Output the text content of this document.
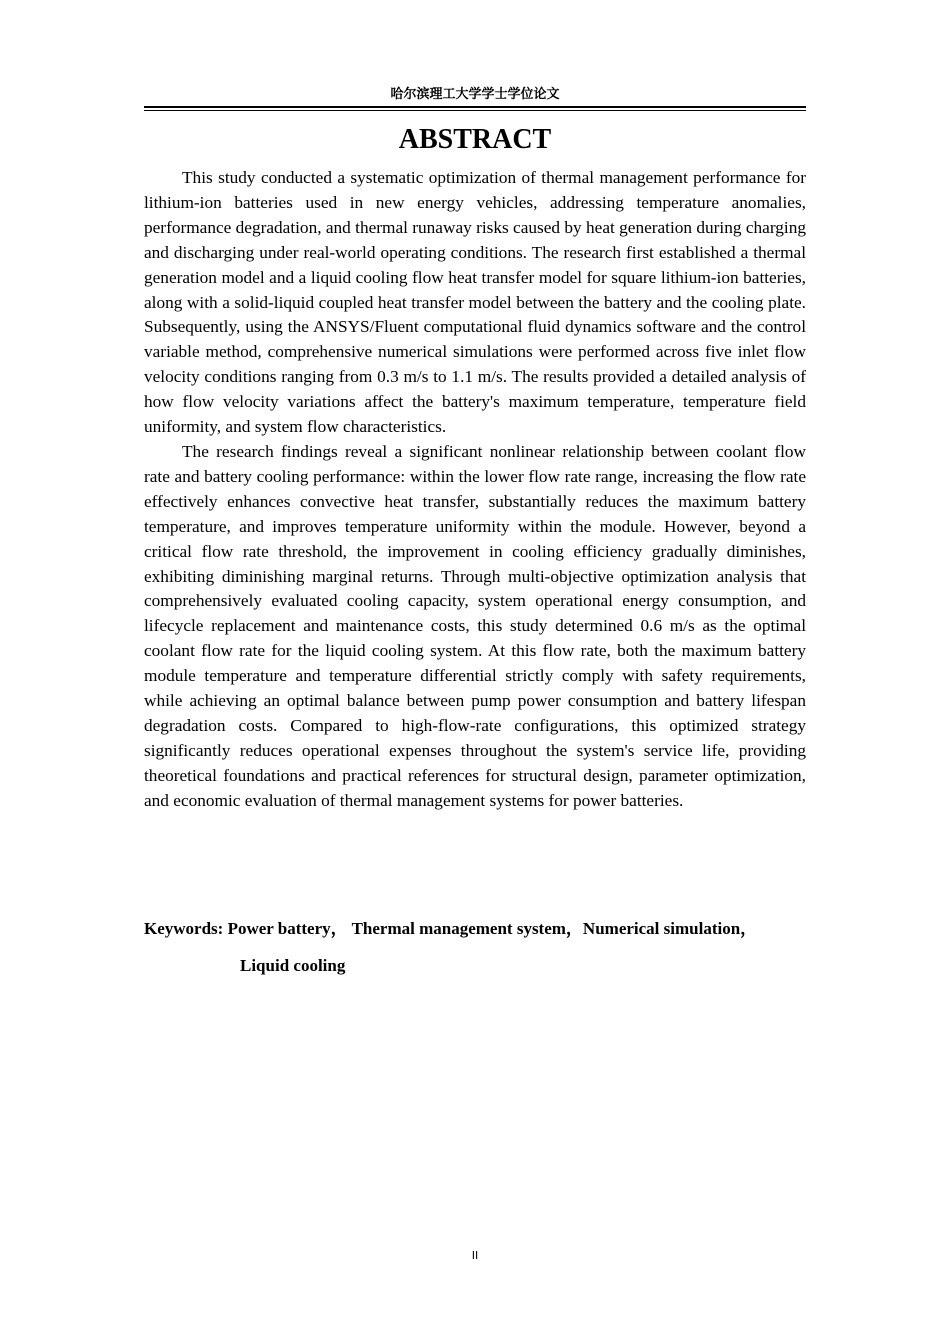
哈尔滨理工大学学士学位论文
ABSTRACT

This study conducted a systematic optimization of thermal management performance for lithium-ion batteries used in new energy vehicles, addressing temperature anomalies, performance degradation, and thermal runaway risks caused by heat generation during charging and discharging under real-world operating conditions. The research first established a thermal generation model and a liquid cooling flow heat transfer model for square lithium-ion batteries, along with a solid-liquid coupled heat transfer model between the battery and the cooling plate. Subsequently, using the ANSYS/Fluent computational fluid dynamics software and the control variable method, comprehensive numerical simulations were performed across five inlet flow velocity conditions ranging from 0.3 m/s to 1.1 m/s. The results provided a detailed analysis of how flow velocity variations affect the battery's maximum temperature, temperature field uniformity, and system flow characteristics.

The research findings reveal a significant nonlinear relationship between coolant flow rate and battery cooling performance: within the lower flow rate range, increasing the flow rate effectively enhances convective heat transfer, substantially reduces the maximum battery temperature, and improves temperature uniformity within the module. However, beyond a critical flow rate threshold, the improvement in cooling efficiency gradually diminishes, exhibiting diminishing marginal returns. Through multi-objective optimization analysis that comprehensively evaluated cooling capacity, system operational energy consumption, and lifecycle replacement and maintenance costs, this study determined 0.6 m/s as the optimal coolant flow rate for the liquid cooling system. At this flow rate, both the maximum battery module temperature and temperature differential strictly comply with safety requirements, while achieving an optimal balance between pump power consumption and battery lifespan degradation costs. Compared to high-flow-rate configurations, this optimized strategy significantly reduces operational expenses throughout the system's service life, providing theoretical foundations and practical references for structural design, parameter optimization, and economic evaluation of thermal management systems for power batteries.

Keywords: Power battery， Thermal management system，Numerical simulation，
Liquid cooling
II
